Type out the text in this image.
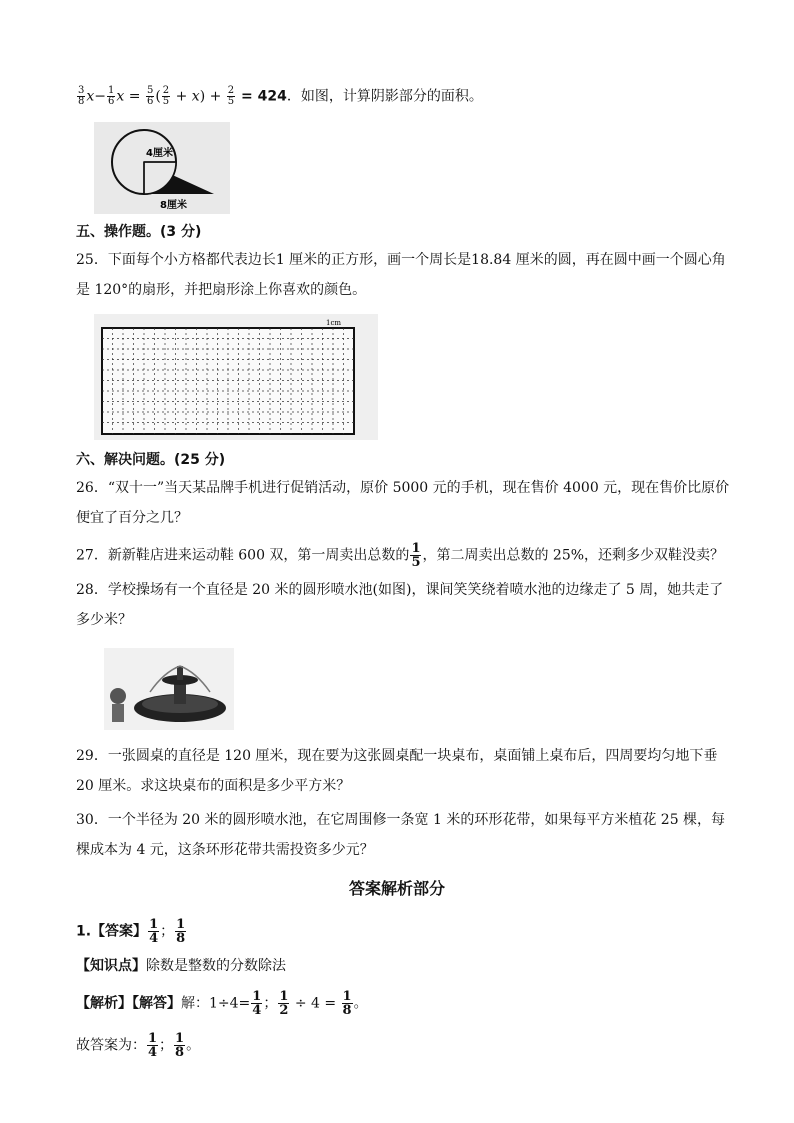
$\frac{3}{8} x- \frac{1}{6}$ $x = \frac{5}{6}$ ( $\frac{2}{5} + x) + \frac{2}{5} = 424$．如图，计算阴影部分的面积。
4厘米
8厘米
五、操作题。(3 分)
25．下面每个小方格都代表边长1 厘米的正方形，画一个周长是18.84 厘米的圆，再在圆中画一个圆心角
是 120°的扇形，并把扇形涂上你喜欢的颜色。
1cm
六、解决问题。(25 分)
26．“双十一”当天某品牌手机进行促销活动，原价 5000 元的手机，现在售价 4000 元，现在售价比原价
便宜了百分之几？
27．新新鞋店进来运动鞋 600 双，第一周卖出总数的 $\frac{1}{5}$ ，第二周卖出总数的 25%，还剩多少双鞋没卖？
28．学校操场有一个直径是 20 米的圆形喷水池(如图)，课间笑笑绕着喷水池的边缘走了 5 周，她共走了
多少米？
29．一张圆桌的直径是 120 厘米，现在要为这张圆桌配一块桌布，桌面铺上桌布后，四周要均匀地下垂
20 厘米。求这块桌布的面积是多少平方米？
30．一个半径为 20 米的圆形喷水池，在它周围修一条宽 1 米的环形花带，如果每平方米植花 25 棵，每
棵成本为 4 元，这条环形花带共需投资多少元？
答案解析部分
1.【答案】 $\frac{1}{4}$ ； $\frac{1}{8}$
【知识点】除数是整数的分数除法
【解析】【解答】解：$1\div 4= \frac{1}{4}$ ； $\frac{1}{2} \div 4 = \frac{1}{8}$ 。
故答案为： $\frac{1}{4}$ ； $\frac{1}{8}$ 。
